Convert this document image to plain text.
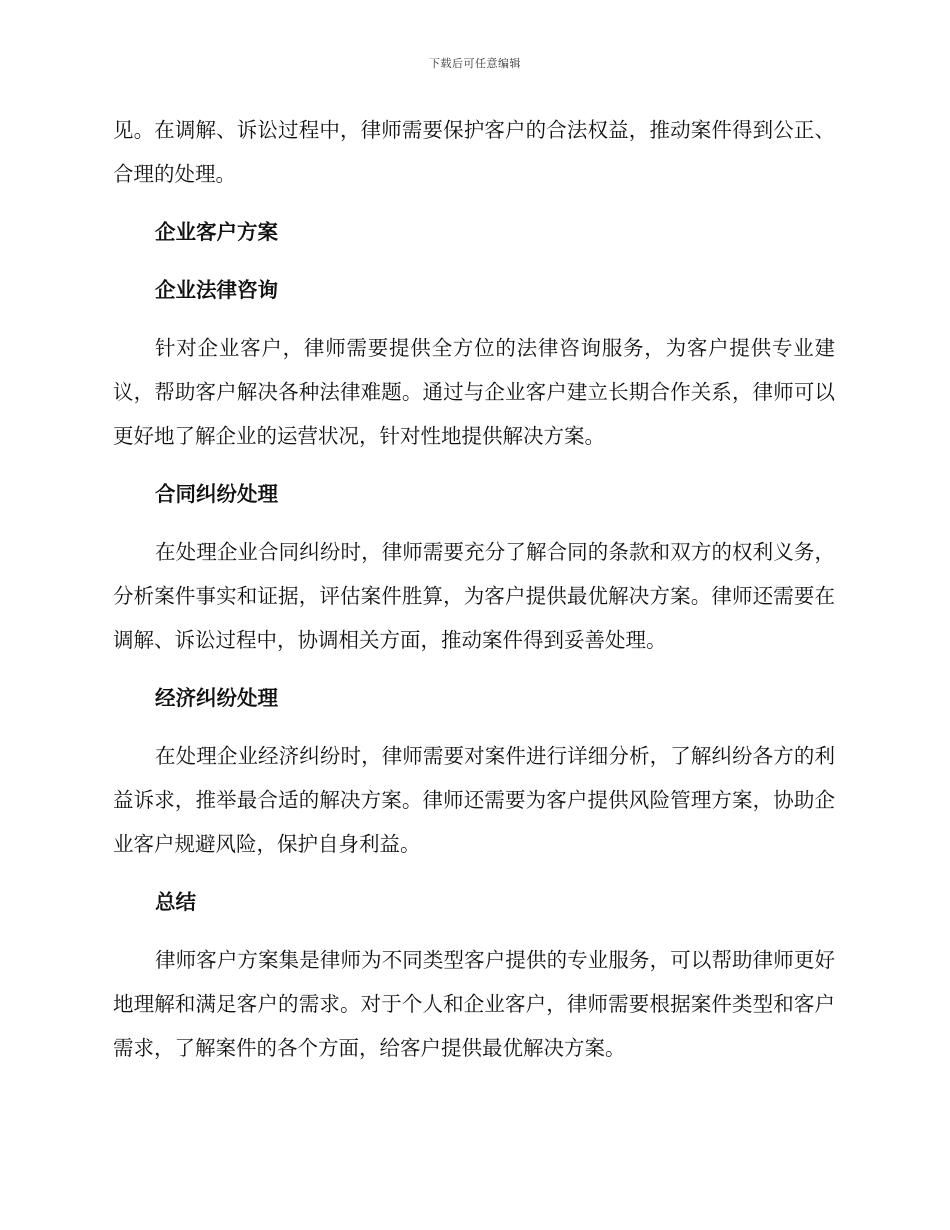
下载后可任意编辑

见。在调解、诉讼过程中，律师需要保护客户的合法权益，推动案件得到公正、合理的处理。

企业客户方案
企业法律咨询

针对企业客户，律师需要提供全方位的法律咨询服务，为客户提供专业建议，帮助客户解决各种法律难题。通过与企业客户建立长期合作关系，律师可以更好地了解企业的运营状况，针对性地提供解决方案。

合同纠纷处理

在处理企业合同纠纷时，律师需要充分了解合同的条款和双方的权利义务，分析案件事实和证据，评估案件胜算，为客户提供最优解决方案。律师还需要在调解、诉讼过程中，协调相关方面，推动案件得到妥善处理。

经济纠纷处理

在处理企业经济纠纷时，律师需要对案件进行详细分析，了解纠纷各方的利益诉求，推举最合适的解决方案。律师还需要为客户提供风险管理方案，协助企业客户规避风险，保护自身利益。

总结

律师客户方案集是律师为不同类型客户提供的专业服务，可以帮助律师更好地理解和满足客户的需求。对于个人和企业客户，律师需要根据案件类型和客户需求，了解案件的各个方面，给客户提供最优解决方案。
